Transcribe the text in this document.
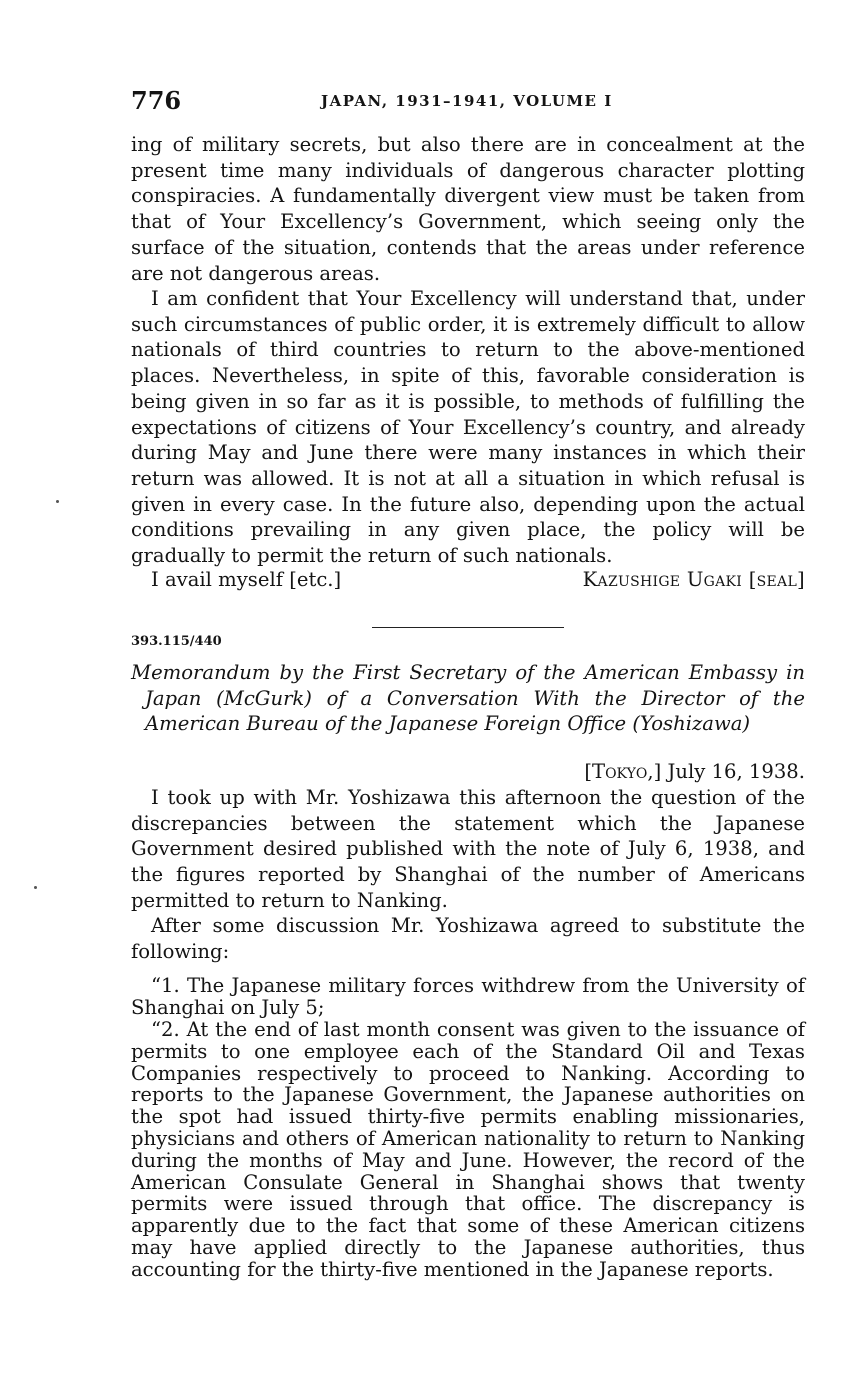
776	JAPAN, 1931–1941, VOLUME I

ing of military secrets, but also there are in concealment at the present time many individuals of dangerous character plotting conspiracies. A fundamentally divergent view must be taken from that of Your Excellency’s Government, which seeing only the surface of the situation, contends that the areas under reference are not dangerous areas.

I am confident that Your Excellency will understand that, under such circumstances of public order, it is extremely difficult to allow nationals of third countries to return to the above-mentioned places. Nevertheless, in spite of this, favorable consideration is being given in so far as it is possible, to methods of fulfilling the expectations of citizens of Your Excellency’s country, and already during May and June there were many instances in which their return was allowed. It is not at all a situation in which refusal is given in every case. In the future also, depending upon the actual conditions prevailing in any given place, the policy will be gradually to permit the return of such nationals.

I avail myself [etc.]	Kazushige Ugaki [seal]
393.115/440

Memorandum by the First Secretary of the American Embassy in Japan (McGurk) of a Conversation With the Director of the American Bureau of the Japanese Foreign Office (Yoshizawa)

[Tokyo,] July 16, 1938.

I took up with Mr. Yoshizawa this afternoon the question of the discrepancies between the statement which the Japanese Government desired published with the note of July 6, 1938, and the figures reported by Shanghai of the number of Americans permitted to return to Nanking.

After some discussion Mr. Yoshizawa agreed to substitute the following:

“1. The Japanese military forces withdrew from the University of Shanghai on July 5;

“2. At the end of last month consent was given to the issuance of permits to one employee each of the Standard Oil and Texas Companies respectively to proceed to Nanking. According to reports to the Japanese Government, the Japanese authorities on the spot had issued thirty-five permits enabling missionaries, physicians and others of American nationality to return to Nanking during the months of May and June. However, the record of the American Consulate General in Shanghai shows that twenty permits were issued through that office. The discrepancy is apparently due to the fact that some of these American citizens may have applied directly to the Japanese authorities, thus accounting for the thirty-five mentioned in the Japanese reports.
